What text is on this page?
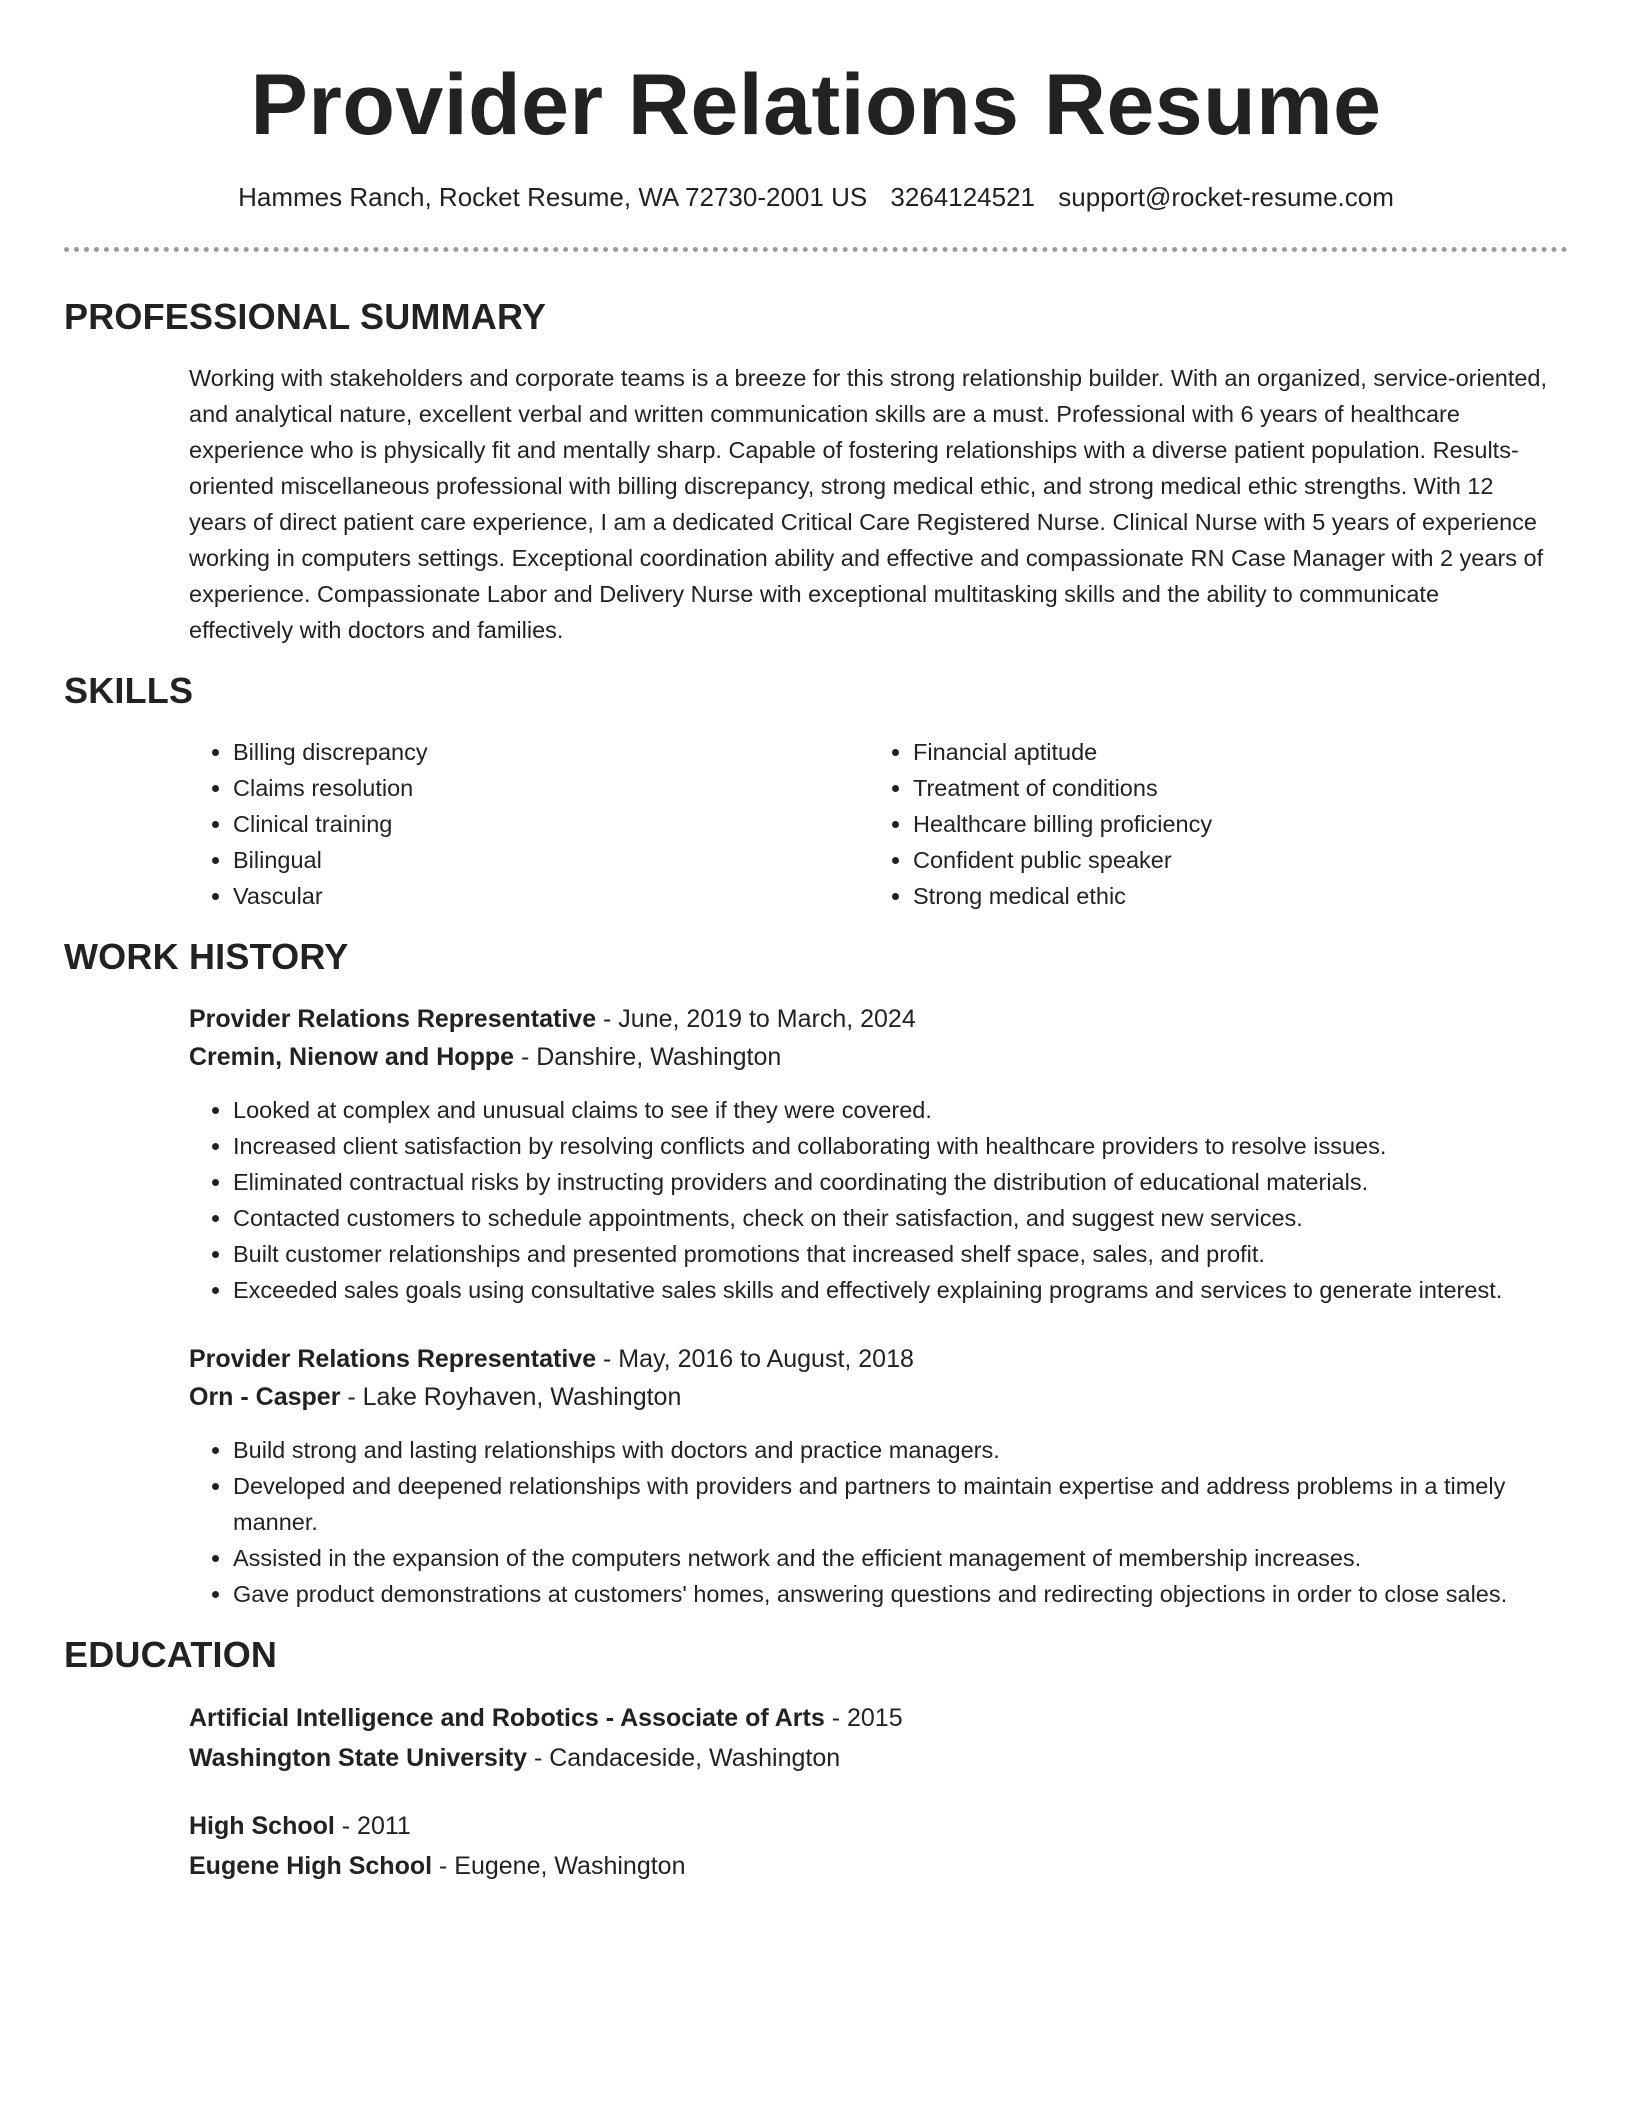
Provider Relations Resume
Hammes Ranch, Rocket Resume, WA 72730-2001 US 3264124521 support@rocket-resume.com
PROFESSIONAL SUMMARY
Working with stakeholders and corporate teams is a breeze for this strong relationship builder. With an organized, service-oriented, and analytical nature, excellent verbal and written communication skills are a must. Professional with 6 years of healthcare experience who is physically fit and mentally sharp. Capable of fostering relationships with a diverse patient population. Results-oriented miscellaneous professional with billing discrepancy, strong medical ethic, and strong medical ethic strengths. With 12 years of direct patient care experience, I am a dedicated Critical Care Registered Nurse. Clinical Nurse with 5 years of experience working in computers settings. Exceptional coordination ability and effective and compassionate RN Case Manager with 2 years of experience. Compassionate Labor and Delivery Nurse with exceptional multitasking skills and the ability to communicate effectively with doctors and families.
SKILLS
• Billing discrepancy
• Claims resolution
• Clinical training
• Bilingual
• Vascular
• Financial aptitude
• Treatment of conditions
• Healthcare billing proficiency
• Confident public speaker
• Strong medical ethic
WORK HISTORY
Provider Relations Representative - June, 2019 to March, 2024
Cremin, Nienow and Hoppe - Danshire, Washington
• Looked at complex and unusual claims to see if they were covered.
• Increased client satisfaction by resolving conflicts and collaborating with healthcare providers to resolve issues.
• Eliminated contractual risks by instructing providers and coordinating the distribution of educational materials.
• Contacted customers to schedule appointments, check on their satisfaction, and suggest new services.
• Built customer relationships and presented promotions that increased shelf space, sales, and profit.
• Exceeded sales goals using consultative sales skills and effectively explaining programs and services to generate interest.
Provider Relations Representative - May, 2016 to August, 2018
Orn - Casper - Lake Royhaven, Washington
• Build strong and lasting relationships with doctors and practice managers.
• Developed and deepened relationships with providers and partners to maintain expertise and address problems in a timely manner.
• Assisted in the expansion of the computers network and the efficient management of membership increases.
• Gave product demonstrations at customers' homes, answering questions and redirecting objections in order to close sales.
EDUCATION
Artificial Intelligence and Robotics - Associate of Arts - 2015
Washington State University - Candaceside, Washington
High School - 2011
Eugene High School - Eugene, Washington
